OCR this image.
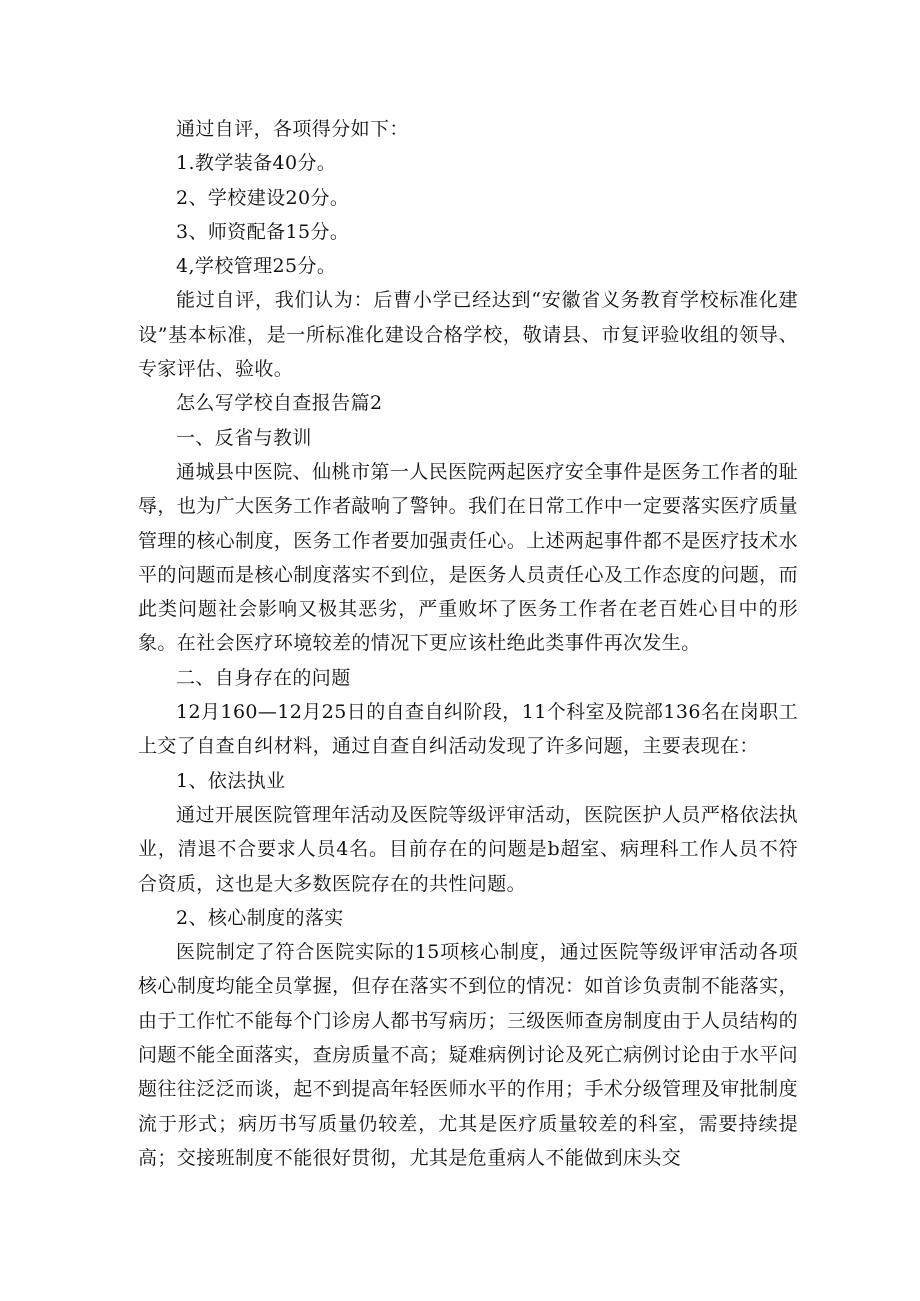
通过自评，各项得分如下：

1.教学装备40分。

2、学校建设20分。

3、师资配备15分。

4,学校管理25分。

能过自评，我们认为：后曹小学已经达到“安徽省义务教育学校标准化建设”基本标准，是一所标准化建设合格学校，敬请县、市复评验收组的领导、专家评估、验收。

怎么写学校自查报告篇2

一、反省与教训

通城县中医院、仙桃市第一人民医院两起医疗安全事件是医务工作者的耻辱，也为广大医务工作者敲响了警钟。我们在日常工作中一定要落实医疗质量管理的核心制度，医务工作者要加强责任心。上述两起事件都不是医疗技术水平的问题而是核心制度落实不到位，是医务人员责任心及工作态度的问题，而此类问题社会影响又极其恶劣，严重败坏了医务工作者在老百姓心目中的形象。在社会医疗环境较差的情况下更应该杜绝此类事件再次发生。

二、自身存在的问题

12月160—12月25日的自查自纠阶段，11个科室及院部136名在岗职工上交了自查自纠材料，通过自查自纠活动发现了许多问题，主要表现在：

1、依法执业

通过开展医院管理年活动及医院等级评审活动，医院医护人员严格依法执业，清退不合要求人员4名。目前存在的问题是b超室、病理科工作人员不符合资质，这也是大多数医院存在的共性问题。

2、核心制度的落实

医院制定了符合医院实际的15项核心制度，通过医院等级评审活动各项核心制度均能全员掌握，但存在落实不到位的情况：如首诊负责制不能落实，由于工作忙不能每个门诊房人都书写病历；三级医师查房制度由于人员结构的问题不能全面落实，查房质量不高；疑难病例讨论及死亡病例讨论由于水平问题往往泛泛而谈，起不到提高年轻医师水平的作用；手术分级管理及审批制度流于形式；病历书写质量仍较差，尤其是医疗质量较差的科室，需要持续提高；交接班制度不能很好贯彻，尤其是危重病人不能做到床头交
